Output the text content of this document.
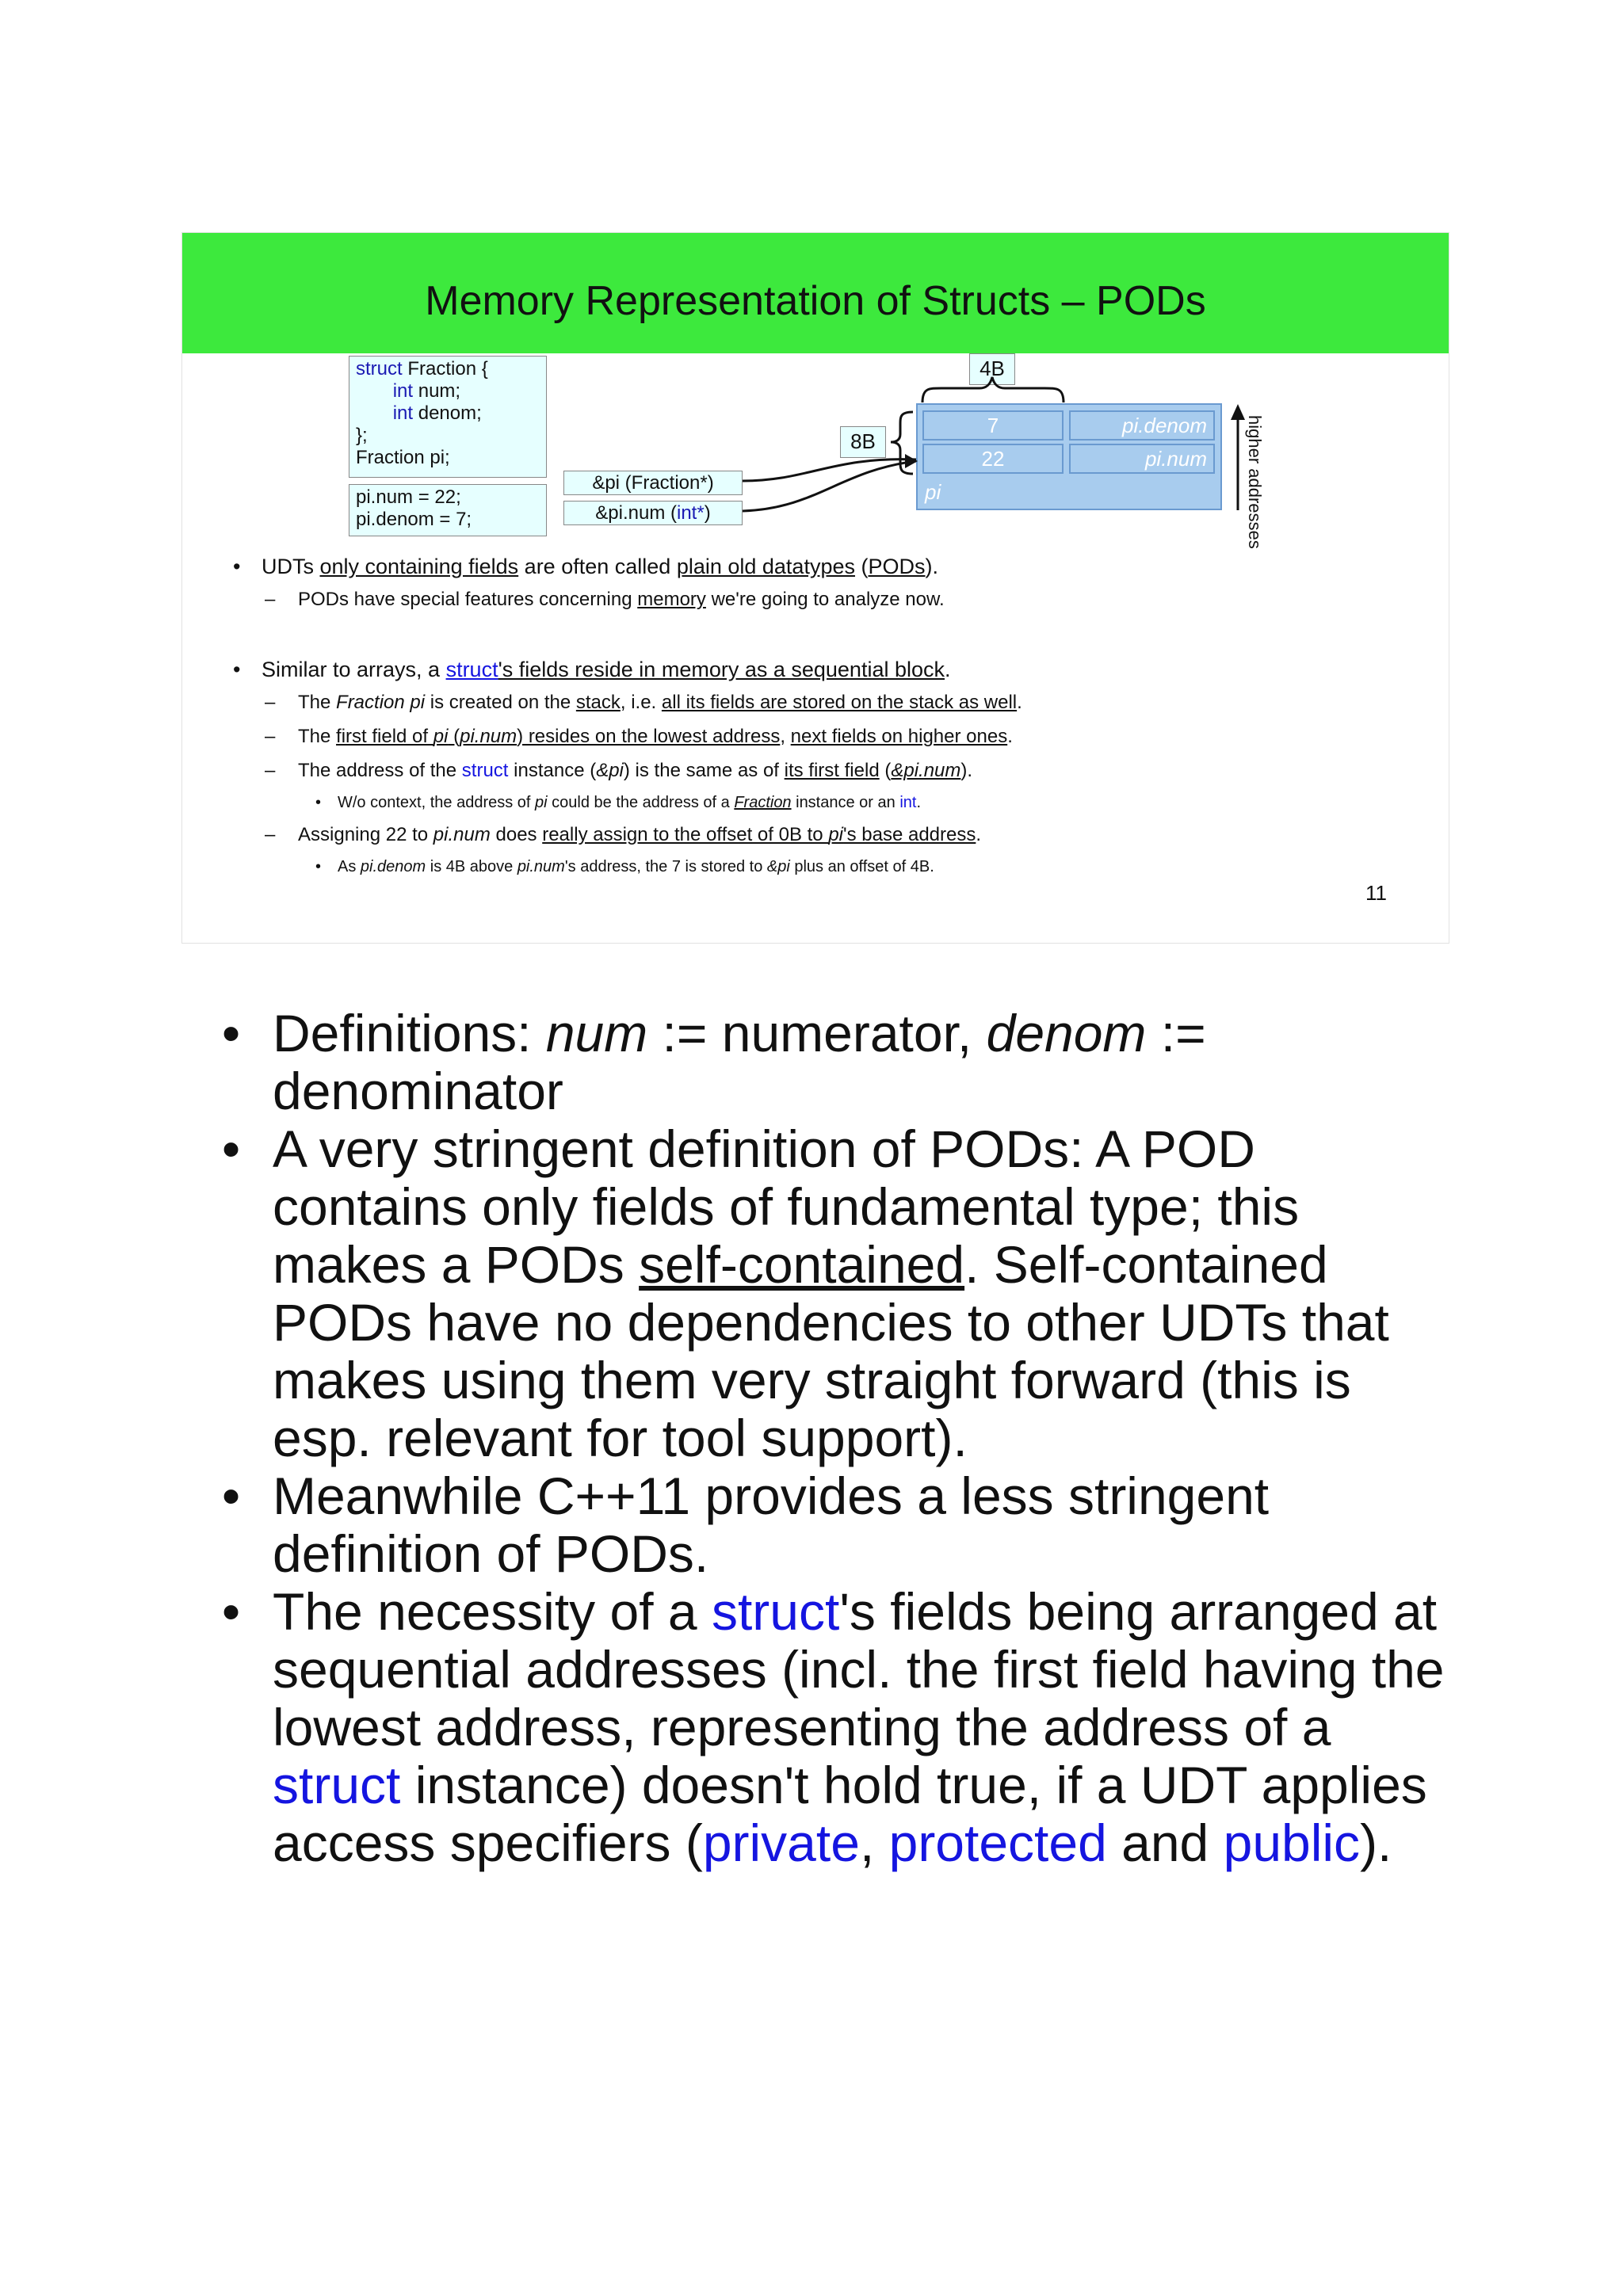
Memory Representation of Structs – PODs
struct Fraction {
int num;
int denom;
};
Fraction pi;
pi.num = 22;
pi.denom = 7;
&pi (Fraction*)
&pi.num (int*)
4B
8B
7	pi.denom
22	pi.num
pi	higher addresses
• UDTs only containing fields are often called plain old datatypes (PODs).

– PODs have special features concerning memory we're going to analyze now.

• Similar to arrays, a struct's fields reside in memory as a sequential block.

– The Fraction pi is created on the stack, i.e. all its fields are stored on the stack as well.

– The first field of pi (pi.num) resides on the lowest address, next fields on higher ones.

– The address of the struct instance (&pi) is the same as of its first field (&pi.num).

• W/o context, the address of pi could be the address of a Fraction instance or an int.

– Assigning 22 to pi.num does really assign to the offset of 0B to pi's base address.

• As pi.denom is 4B above pi.num's address, the 7 is stored to &pi plus an offset of 4B.

11
• Definitions: num := numerator, denom := denominator
• A very stringent definition of PODs: A POD contains only fields of fundamental type; this makes a PODs self-contained. Self-contained PODs have no dependencies to other UDTs that makes using them very straight forward (this is esp. relevant for tool support).
• Meanwhile C++11 provides a less stringent definition of PODs.
• The necessity of a struct's fields being arranged at sequential addresses (incl. the first field having the lowest address, representing the address of a struct instance) doesn't hold true, if a UDT applies access specifiers (private, protected and public).
